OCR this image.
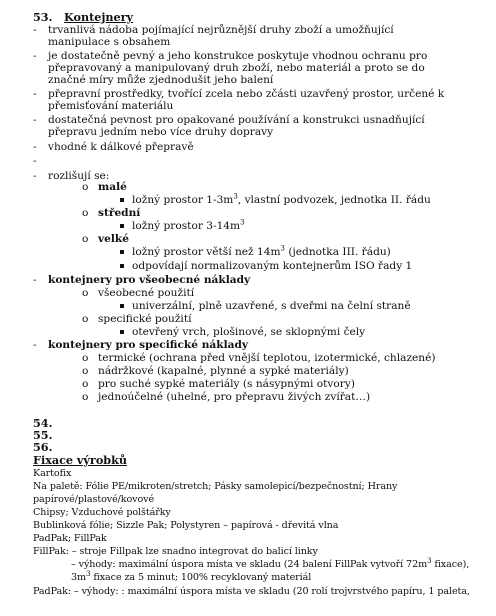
53. Kontejnery
- trvanlivá nádoba pojímající nejrůznější druhy zboží a umožňující
manipulace s obsahem
- je dostatečně pevný a jeho konstrukce poskytuje vhodnou ochranu pro
přepravovaný a manipulovaný druh zboží, nebo materiál a proto se do
značné míry může zjednodušit jeho balení
- přepravní prostředky, tvořící zcela nebo zčásti uzavřený prostor, určené k
přemisťování materiálu
- dostatečná pevnost pro opakované používání a konstrukci usnadňující
přepravu jedním nebo více druhy dopravy
- vhodné k dálkové přepravě
-
- rozlišují se:
o malé
ložný prostor $1-3m^3$, vlastní podvozek, jednotka II. řádu
o střední
ložný prostor $3-14m^3$
o velké
ložný prostor větší než $14m^3$ (jednotka III. řádu)
odpovídají normalizovaným kontejnerům ISO řady 1
- kontejnery pro všeobecné náklady
o všeobecné použití
univerzální, plně uzavřené, s dveřmi na čelní straně
o specifické použití
otevřený vrch, plošinové, se sklopnými čely
- kontejnery pro specifické náklady
o termické (ochrana před vnější teplotou, izotermické, chlazené)
o nádržkové (kapalné, plynné a sypké materiály)
o pro suché sypké materiály (s násypnými otvory)
o jednoúčelné (uhelné, pro přepravu živých zvířat…)
54.
55.
56.
Fixace výrobků
Kartofix
Na paletě: Fólie PE/mikroten/stretch; Pásky samolepicí/bezpečnostní; Hrany
papírové/plastové/kovové
Chipsy; Vzduchové polštářky
Bublinková fólie; Sizzle Pak; Polystyren – papírová - dřevitá vlna
PadPak; FillPak
FillPak: – stroje Fillpak lze snadno integrovat do balicí linky
– výhody: maximální úspora místa ve skladu (24 balení FillPak vytvoří $72m^3$ fixace),
$3m^3$ fixace za 5 minut; 100% recyklovaný materiál
PadPak: – výhody: : maximální úspora místa ve skladu (20 rolí trojvrstvého papíru, 1 paleta,
